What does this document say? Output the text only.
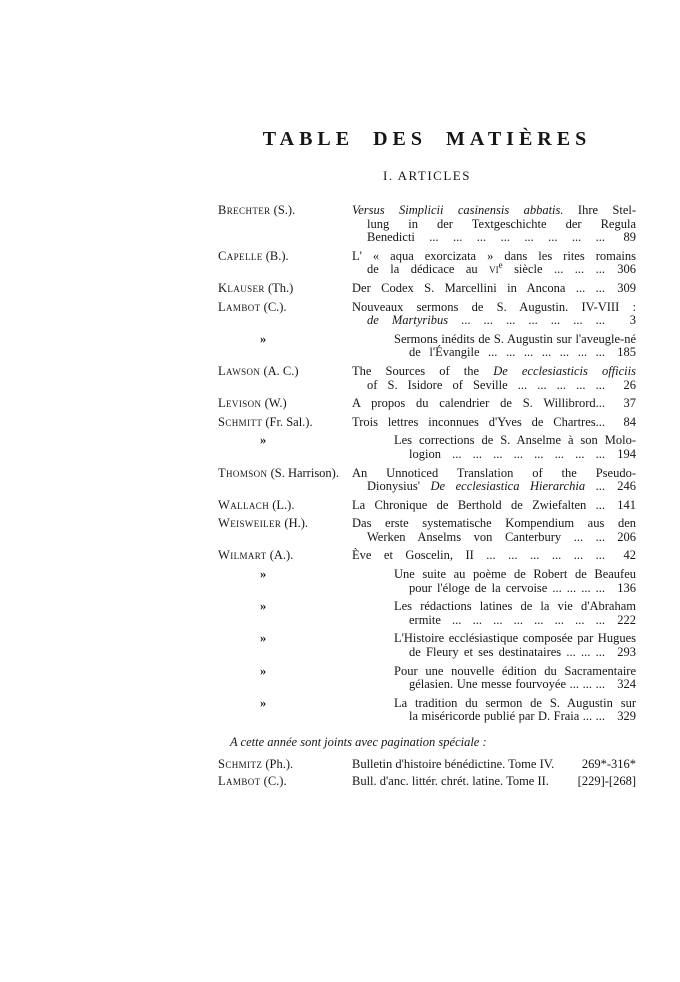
TABLE DES MATIÈRES
I. ARTICLES
Brechter (S.).	Versus Simplicii casinensis abbatis. Ihre Stel-
lung in der Textgeschichte der Regula
Benedicti ... ... ... ... ... ... ... ...	89
Capelle (B.).	L' « aqua exorcizata » dans les rites romains
de la dédicace au $vi^e$ siècle ... ... ... 306
Klauser (Th.)	Der Codex S. Marcellini in Ancona ... ... 309
Lambot (C.).	Nouveaux sermons de S. Augustin. IV-VIII :
de Martyribus ... ... ... ... ... ... ...	3
»	Sermons inédits de S. Augustin sur l'aveugle-né
de l'Évangile ... ... ... ... ... ... ... 185
Lawson (A. C.)	The Sources of the De ecclesiasticis officiis
of S. Isidore of Seville ... ... ... ... ...	26
Levison (W.)	A propos du calendrier de S. Willibrord...	37
Schmitt (Fr. Sal.).	Trois lettres inconnues d'Yves de Chartres...	84
»	Les corrections de S. Anselme à son Molo-
logion ... ... ... ... ... ... ... ... 194
Thomson (S. Harrison).	An Unnoticed Translation of the Pseudo-
Dionysius' De ecclesiastica Hierarchia ... 246
Wallach (L.).	La Chronique de Berthold de Zwiefalten ... 141
Weisweiler (H.).	Das erste systematische Kompendium aus den
Werken Anselms von Canterbury ... ... 206
Wilmart (A.).	Ève et Goscelin, II ... ... ... ... ... ...	42
»	Une suite au poème de Robert de Beaufeu
pour l'éloge de la cervoise ... ... ... ... 136
»	Les rédactions latines de la vie d'Abraham
ermite ... ... ... ... ... ... ... ... 222
»	L'Histoire ecclésiastique composée par Hugues
de Fleury et ses destinataires ... ... ... 293
»	Pour une nouvelle édition du Sacramentaire
gélasien. Une messe fourvoyée ... ... ... 324
»	La tradition du sermon de S. Augustin sur
la miséricorde publié par D. Fraia ... ... 329
A cette année sont joints avec pagination spéciale :
Schmitz (Ph.).	Bulletin d'histoire bénédictine. Tome IV.	269*-316*
Lambot (C.).	Bull. d'anc. littér. chrét. latine. Tome II.	[229]-[268]
